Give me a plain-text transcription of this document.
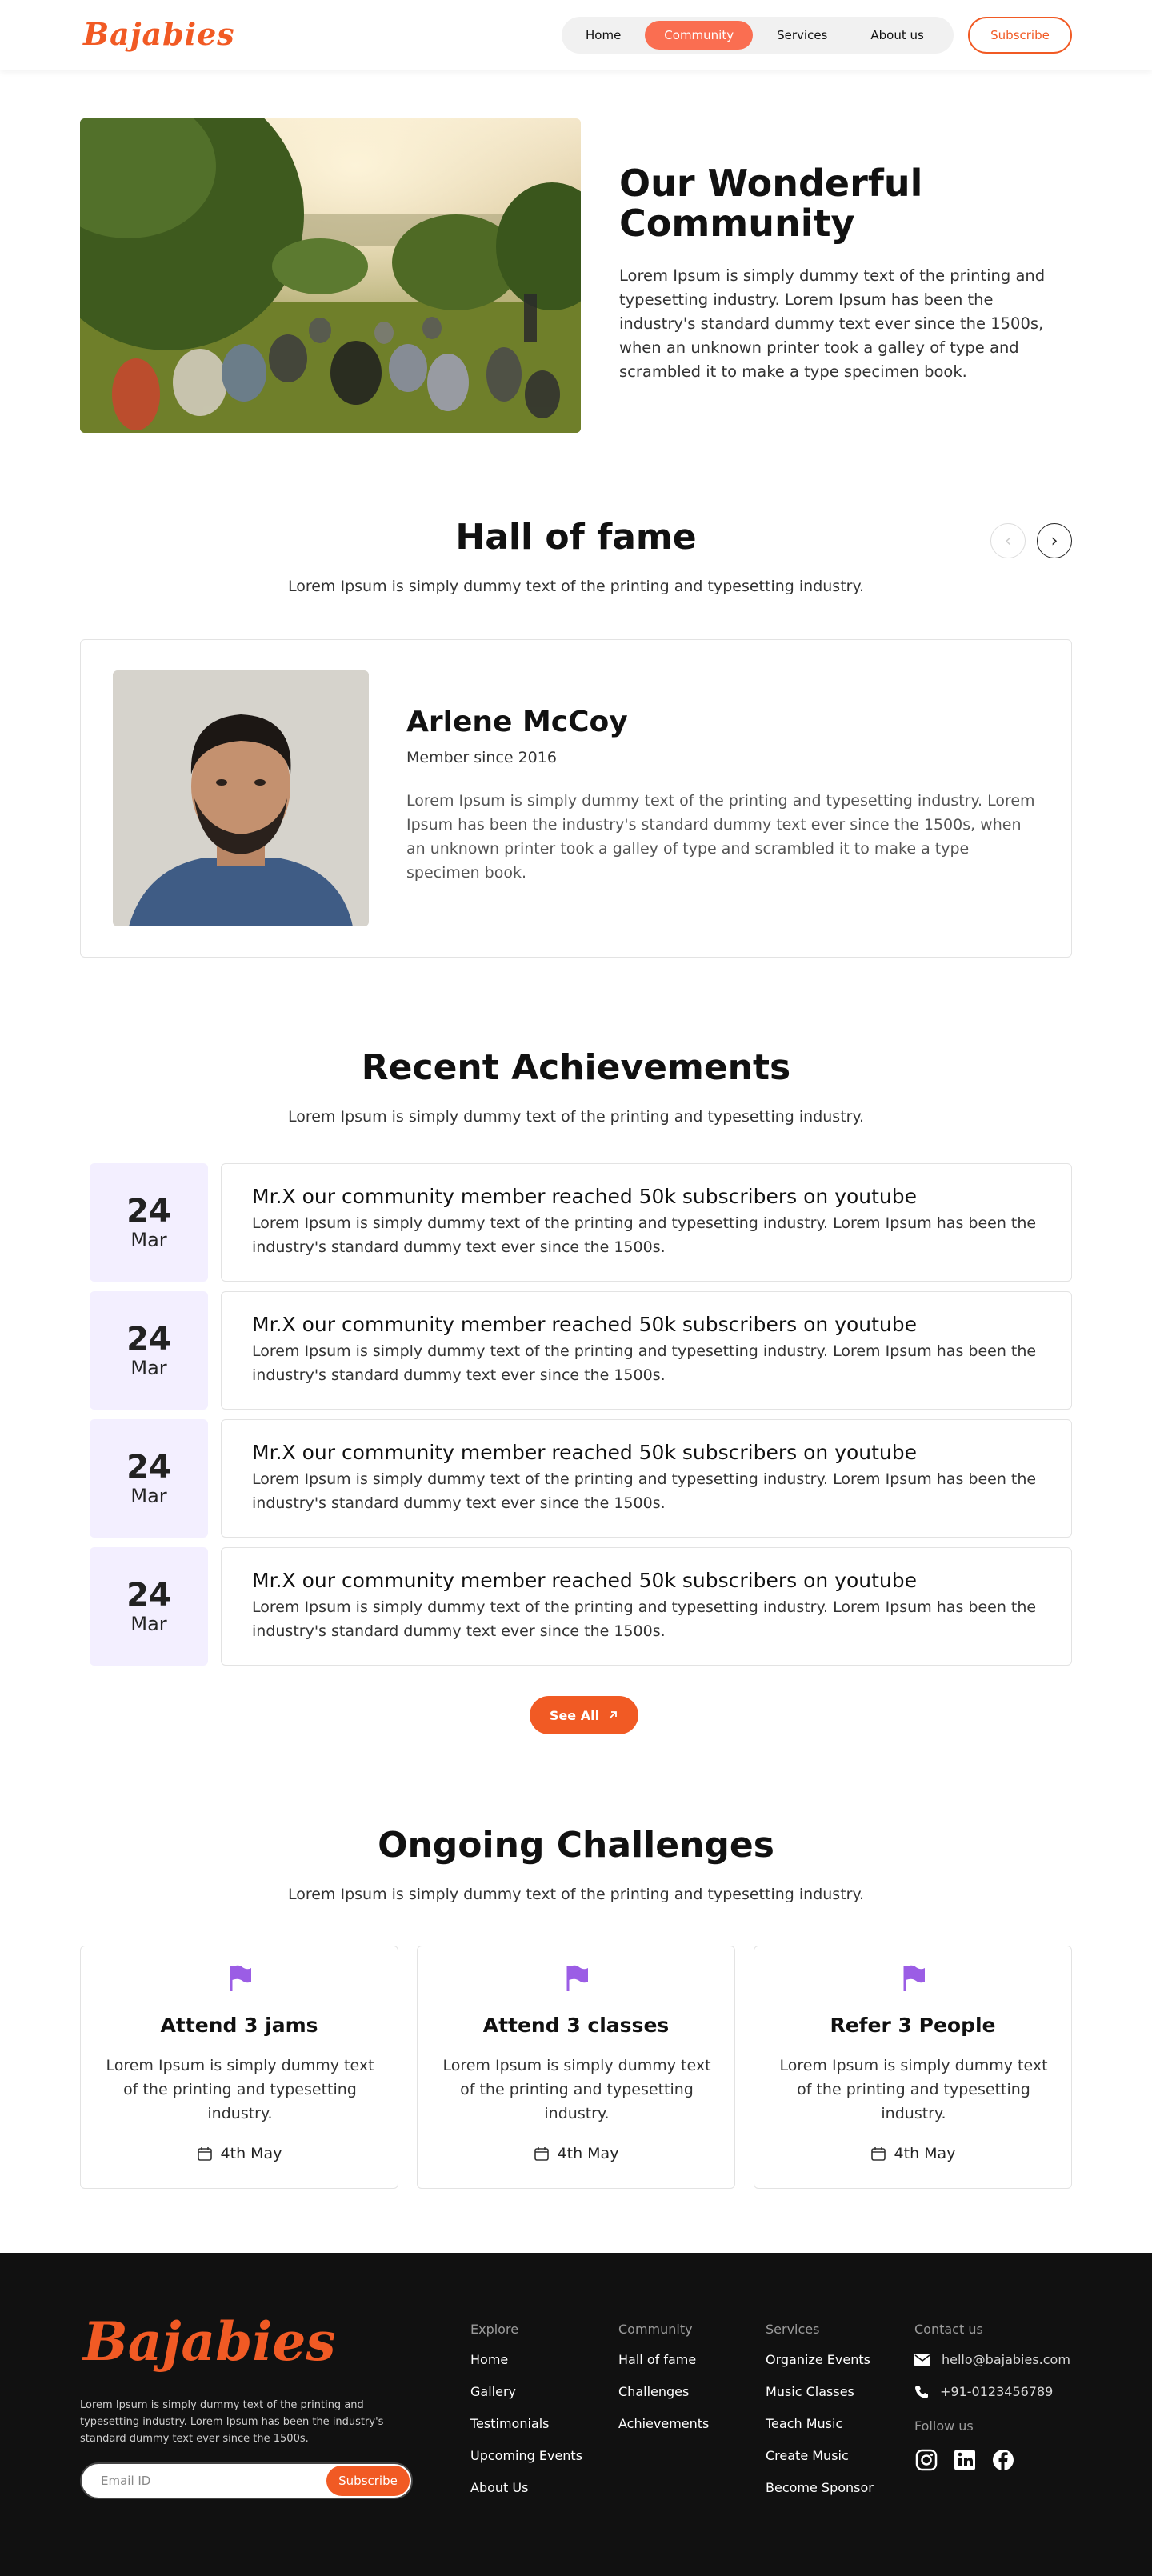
Bajabies	Home	Community	Services	About us	Subscribe
Our Wonderful Community
Lorem Ipsum is simply dummy text of the printing and typesetting industry. Lorem Ipsum has been the industry's standard dummy text ever since the 1500s, when an unknown printer took a galley of type and scrambled it to make a type specimen book.
Hall of fame
Lorem Ipsum is simply dummy text of the printing and typesetting industry.
‹ ›
Arlene McCoy
Member since 2016
Lorem Ipsum is simply dummy text of the printing and typesetting industry. Lorem Ipsum has been the industry's standard dummy text ever since the 1500s, when an unknown printer took a galley of type and scrambled it to make a type specimen book.
Recent Achievements
Lorem Ipsum is simply dummy text of the printing and typesetting industry.
24
Mar
Mr.X our community member reached 50k subscribers on youtube
Lorem Ipsum is simply dummy text of the printing and typesetting industry. Lorem Ipsum has been the industry's standard dummy text ever since the 1500s.
24
Mar
Mr.X our community member reached 50k subscribers on youtube
Lorem Ipsum is simply dummy text of the printing and typesetting industry. Lorem Ipsum has been the industry's standard dummy text ever since the 1500s.
24
Mar
Mr.X our community member reached 50k subscribers on youtube
Lorem Ipsum is simply dummy text of the printing and typesetting industry. Lorem Ipsum has been the industry's standard dummy text ever since the 1500s.
24
Mar
Mr.X our community member reached 50k subscribers on youtube
Lorem Ipsum is simply dummy text of the printing and typesetting industry. Lorem Ipsum has been the industry's standard dummy text ever since the 1500s.
See All
Ongoing Challenges
Lorem Ipsum is simply dummy text of the printing and typesetting industry.
Attend 3 jams
Lorem Ipsum is simply dummy text of the printing and typesetting industry.
4th May
Attend 3 classes
Lorem Ipsum is simply dummy text of the printing and typesetting industry.
4th May
Refer 3 People
Lorem Ipsum is simply dummy text of the printing and typesetting industry.
4th May
Bajabies
Lorem Ipsum is simply dummy text of the printing and typesetting industry. Lorem Ipsum has been the industry's standard dummy text ever since the 1500s.
Email ID	Subscribe
Explore
Home
Gallery
Testimonials
Upcoming Events
About Us
Community
Hall of fame
Challenges
Achievements
Services
Organize Events
Music Classes
Teach Music
Create Music
Become Sponsor
Contact us
hello@bajabies.com
+91-0123456789
Follow us
